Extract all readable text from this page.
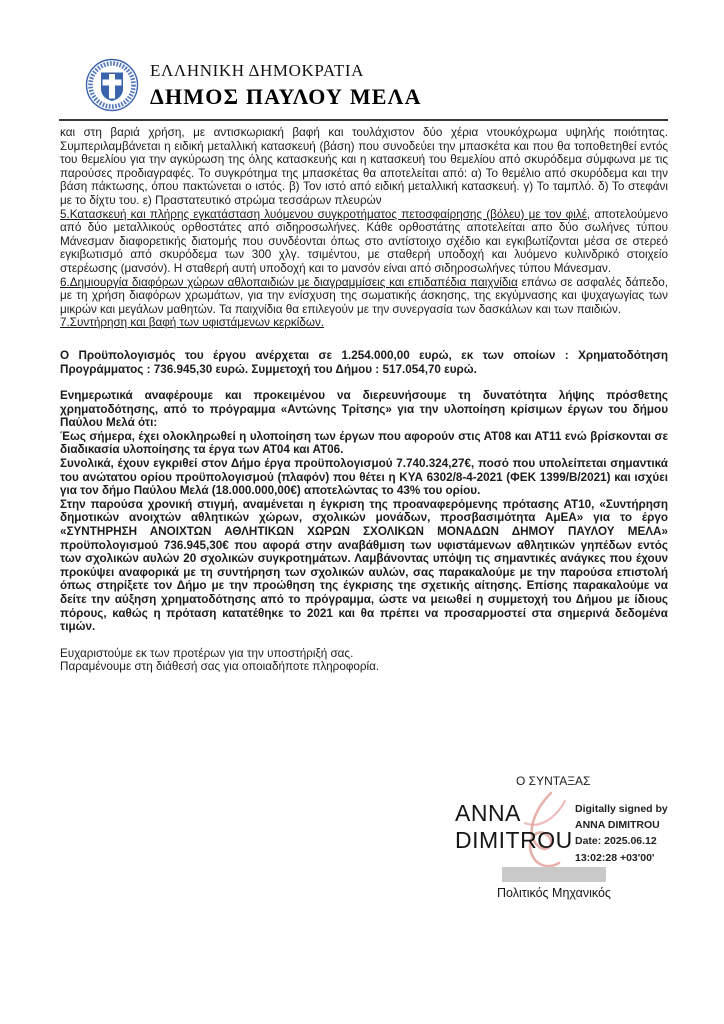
ΕΛΛΗΝΙΚΗ ΔΗΜΟΚΡΑΤΙΑ
ΔΗΜΟΣ ΠΑΥΛΟΥ ΜΕΛΑ

και στη βαριά χρήση, με αντισκωριακή βαφή και τουλάχιστον δύο χέρια ντουκόχρωμα υψηλής ποιότητας. Συμπεριλαμβάνεται η ειδική μεταλλική κατασκευή (βάση) που συνοδεύει την μπασκέτα και που θα τοποθετηθεί εντός του θεμελίου για την αγκύρωση της όλης κατασκευής και η κατασκευή του θεμελίου από σκυρόδεμα σύμφωνα με τις παρούσες προδιαγραφές. Το συγκρότημα της μπασκέτας θα αποτελείται από: α) Το θεμέλιο από σκυρόδεμα και την βάση πάκτωσης, όπου πακτώνεται ο ιστός. β) Τον ιστό από ειδική μεταλλική κατασκευή. γ) Το ταμπλό. δ) Το στεφάνι με το δίχτυ του. ε) Πραστατευτικό στρώμα τεσσάρων πλευρών

5.Κατασκευή και πλήρης εγκατάσταση λυόμενου συγκροτήματος πετοσφαίρησης (βόλευ) με τον φιλέ, αποτελούμενο από δύο μεταλλικούς ορθοστάτες από σιδηροσωλήνες. Κάθε ορθοστάτης αποτελείται απο δύο σωλήνες τύπου Μάνεσμαν διαφορετικής διατομής που συνδέονται όπως στο αντίστοιχο σχέδιο και εγκιβωτίζονται μέσα σε στερεό εγκιβωτισμό από σκυρόδεμα των 300 χλγ. τσιμέντου, με σταθερή υποδοχή και λυόμενο κυλινδρικό στοιχείο στερέωσης (μανσόν). Η σταθερή αυτή υποδοχή και το μανσόν είναι από σιδηροσωλήνες τύπου Μάνεσμαν.

6.Δημιουργία διαφόρων χώρων αθλοπαιδιών με διαγραμμίσεις και επιδαπέδια παιχνίδια επάνω σε ασφαλές δάπεδο, με τη χρήση διαφόρων χρωμάτων, για την ενίσχυση της σωματικής άσκησης, της εκγύμνασης και ψυχαγωγίας των μικρών και μεγάλων μαθητών. Τα παιχνίδια θα επιλεγούν με την συνεργασία των δασκάλων και των παιδιών.

7.Συντήρηση και βαφή των υφιστάμενων κερκίδων.

Ο Προϋπολογισμός του έργου ανέρχεται σε 1.254.000,00 ευρώ, εκ των οποίων : Χρηματοδότηση Προγράμματος : 736.945,30 ευρώ. Συμμετοχή του Δήμου : 517.054,70 ευρώ.

Ενημερωτικά αναφέρουμε και προκειμένου να διερευνήσουμε τη δυνατότητα λήψης πρόσθετης χρηματοδότησης, από το πρόγραμμα «Αντώνης Τρίτσης» για την υλοποίηση κρίσιμων έργων του δήμου Παύλου Μελά ότι:

Έως σήμερα, έχει ολοκληρωθεί η υλοποίηση των έργων που αφορούν στις ΑΤ08 και ΑΤ11 ενώ βρίσκονται σε διαδικασία υλοποίησης τα έργα των ΑΤ04 και ΑΤ06.

Συνολικά, έχουν εγκριθεί στον Δήμο έργα προϋπολογισμού 7.740.324,27€, ποσό που υπολείπεται σημαντικά του ανώτατου ορίου προϋπολογισμού (πλαφόν) που θέτει η ΚΥΑ 6302/8-4-2021 (ΦΕΚ 1399/Β/2021) και ισχύει για τον δήμο Παύλου Μελά (18.000.000,00€) αποτελώντας το 43% του ορίου.

Στην παρούσα χρονική στιγμή, αναμένεται η έγκριση της προαναφερόμενης πρότασης ΑΤ10, «Συντήρηση δημοτικών ανοιχτών αθλητικών χώρων, σχολικών μονάδων, προσβασιμότητα ΑμΕΑ» για το έργο «ΣΥΝΤΗΡΗΣΗ ΑΝΟΙΧΤΩΝ ΑΘΛΗΤΙΚΩΝ ΧΩΡΩΝ ΣΧΟΛΙΚΩΝ ΜΟΝΑΔΩΝ ΔΗΜΟΥ ΠΑΥΛΟΥ ΜΕΛΑ» προϋπολογισμού 736.945,30€ που αφορά στην αναβάθμιση των υφιστάμενων αθλητικών γηπέδων εντός των σχολικών αυλών 20 σχολικών συγκροτημάτων. Λαμβάνοντας υπόψη τις σημαντικές ανάγκες που έχουν προκύψει αναφορικά με τη συντήρηση των σχολικών αυλών, σας παρακαλούμε με την παρούσα επιστολή όπως στηρίξετε τον Δήμο με την προώθηση της έγκρισης τηε σχετικής αίτησης. Επίσης παρακαλούμε να δείτε την αύξηση χρηματοδότησης από το πρόγραμμα, ώστε να μειωθεί η συμμετοχή του Δήμου με ίδιους πόρους, καθώς η πρόταση κατατέθηκε το 2021 και θα πρέπει να προσαρμοστεί στα σημερινά δεδομένα τιμών.

Ευχαριστούμε εκ των προτέρων για την υποστήριξή σας.

Παραμένουμε στη διάθεσή σας για οποιαδήποτε πληροφορία.

Ο ΣΥΝΤΑΞΑΣ
ANNA
DIMITROU
Digitally signed by
ANNA DIMITROU
Date: 2025.06.12
13:02:28 +03'00'
Πολιτικός Μηχανικός
